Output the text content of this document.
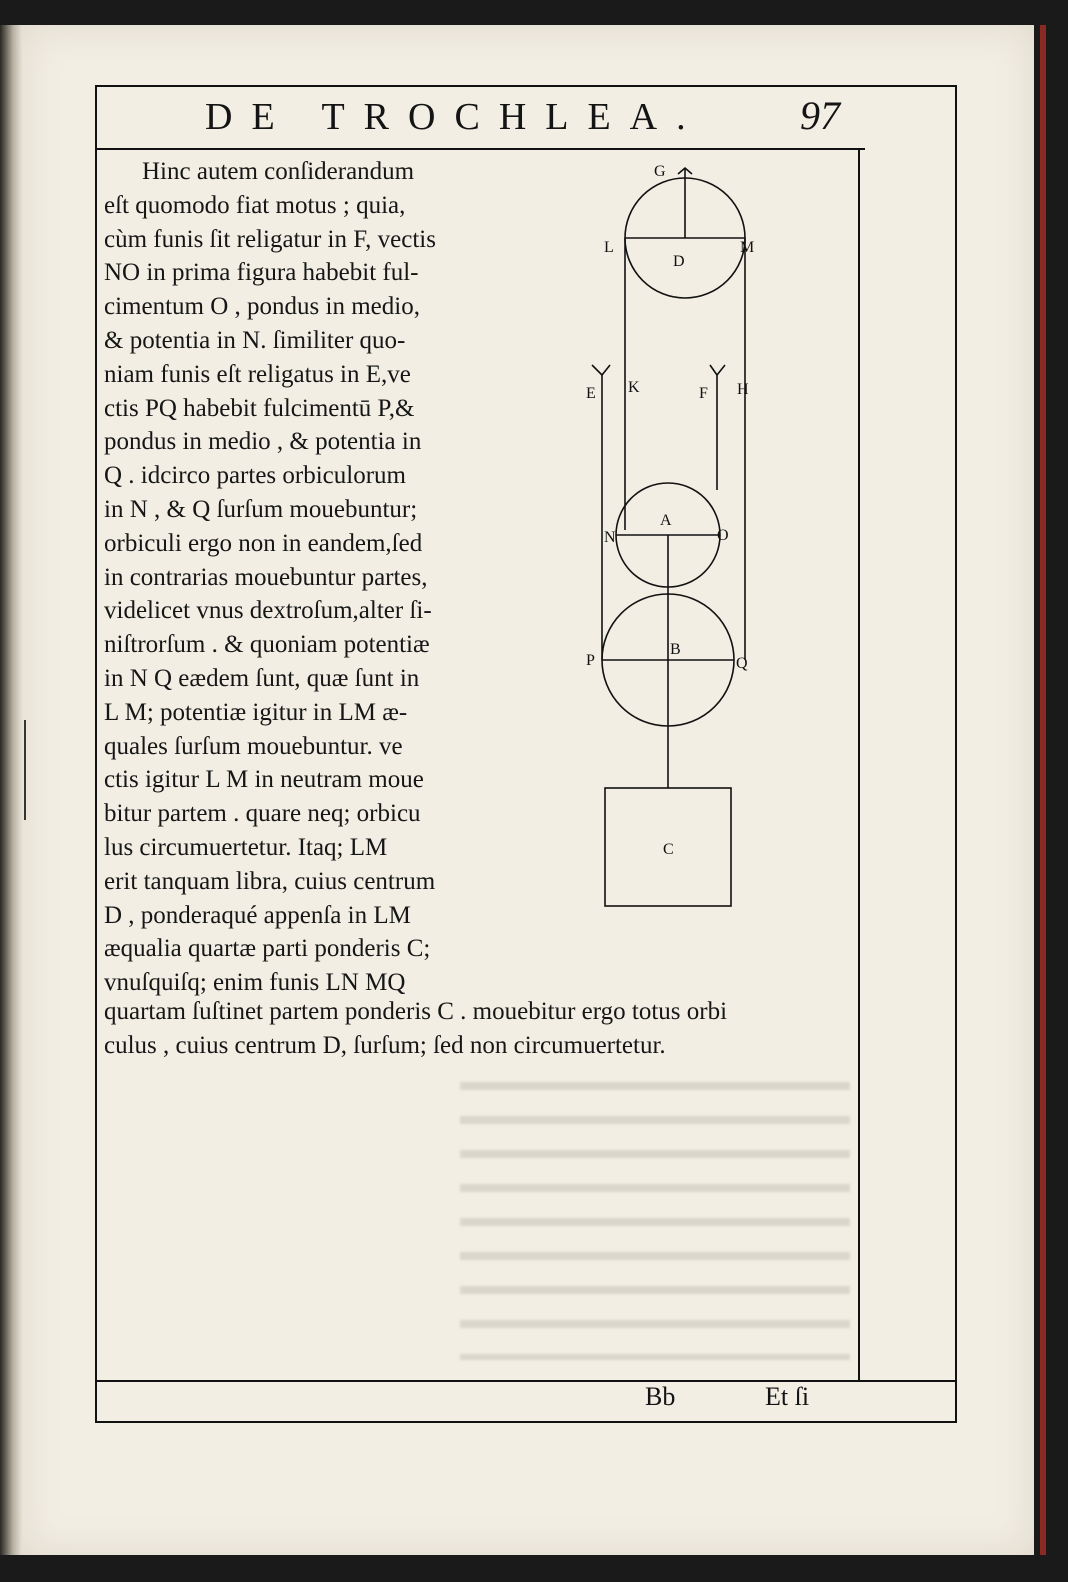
DE TROCHLEA. 97
Hinc autem conſiderandum
eſt quomodo fiat motus ; quia,
cùm funis ſit religatur in F, vectis
NO in prima figura habebit ful-
cimentum O , pondus in medio,
& potentia in N. ſimiliter quo-
niam funis eſt religatus in E,ve
ctis PQ habebit fulcimentū P,&
pondus in medio , & potentia in
Q . idcirco partes orbiculorum
in N , & Q ſurſum mouebuntur;
orbiculi ergo non in eandem,ſed
in contrarias mouebuntur partes,
videlicet vnus dextroſum,alter ſi-
niſtrorſum . & quoniam potentiæ
in N Q eædem ſunt, quæ ſunt in
L M; potentiæ igitur in LM æ-
quales ſurſum mouebuntur. ve
ctis igitur L M in neutram moue
bitur partem . quare neq; orbicu
lus circumuertetur. Itaq; LM
erit tanquam libra, cuius centrum
D , ponderaqué appenſa in LM
æqualia quartæ parti ponderis C;
vnuſquiſq; enim funis LN MQ
quartam ſuſtinet partem ponderis C . mouebitur ergo totus orbi
culus , cuius centrum D, ſurſum; ſed non circumuertetur.
G
L	M
D
E K	F H
A
N	O
B
P	Q
C
Bb	Et ſi
